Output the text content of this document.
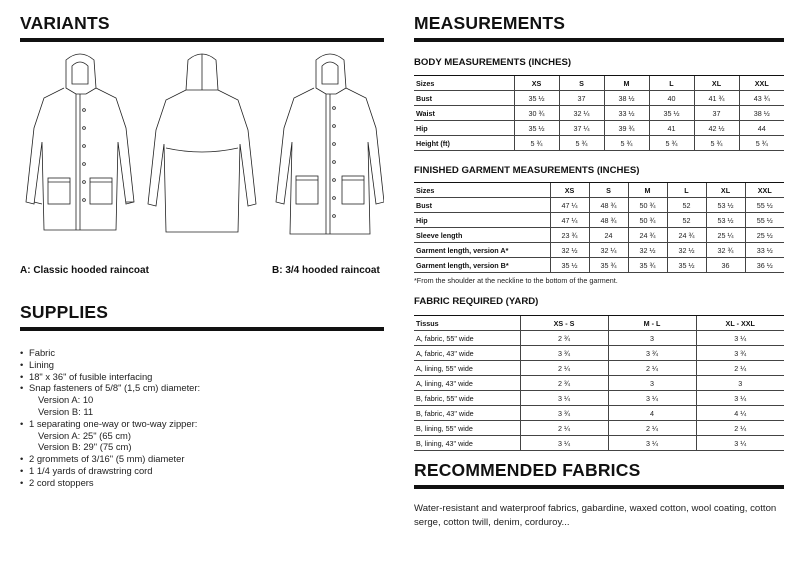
VARIANTS
A: Classic hooded raincoat	B: 3/4 hooded raincoat
SUPPLIES
• Fabric
• Lining
• 18" x 36" of fusible interfacing
• Snap fasteners of 5/8" (1,5 cm) diameter:
Version A: 10
Version B: 11
• 1 separating one-way or two-way zipper:
Version A: 25" (65 cm)
Version B: 29" (75 cm)
• 2 grommets of 3/16" (5 mm) diameter
• 1 1/4 yards of drawstring cord
• 2 cord stoppers
MEASUREMENTS
BODY MEASUREMENTS (INCHES)
Sizes	XS	S	M	L	XL	XXL
Bust	35 ½	37	38 ½	40	41 ¾	43 ¾
Waist	30 ¾	32 ¼	33 ½	35 ½	37	38 ½
Hip	35 ½	37 ¼	39 ¾	41	42 ½	44
Height (ft)	5 ¾	5 ¾	5 ¾	5 ¾	5 ¾	5 ¾
FINISHED GARMENT MEASUREMENTS (INCHES)
Sizes	XS	S	M	L	XL	XXL
Bust	47 ¼	48 ¾	50 ¾	52	53 ½	55 ½
Hip	47 ¼	48 ¾	50 ¾	52	53 ½	55 ½
Sleeve length	23 ¾	24	24 ¾	24 ¾	25 ¼	25 ½
Garment length, version A*	32 ½	32 ¼	32 ½	32 ½	32 ¾	33 ½
Garment length, version B*	35 ½	35 ¾	35 ¾	35 ½	36	36 ½
*From the shoulder at the neckline to the bottom of the garment.
FABRIC REQUIRED (YARD)
Tissus	XS - S	M - L	XL - XXL
A, fabric, 55" wide	2 ¾	3	3 ¼
A, fabric, 43" wide	3 ¾	3 ¾	3 ¾
A, lining, 55" wide	2 ¼	2 ¼	2 ¼
A, lining, 43" wide	2 ¾	3	3
B, fabric, 55" wide	3 ¼	3 ¼	3 ¼
B, fabric, 43" wide	3 ¾	4	4 ¼
B, lining, 55" wide	2 ¼	2 ¼	2 ¼
B, lining, 43" wide	3 ¼	3 ¼	3 ¼
RECOMMENDED FABRICS
Water-resistant and waterproof fabrics, gabardine, waxed cotton, wool coating, cotton serge, cotton twill, denim, corduroy...
